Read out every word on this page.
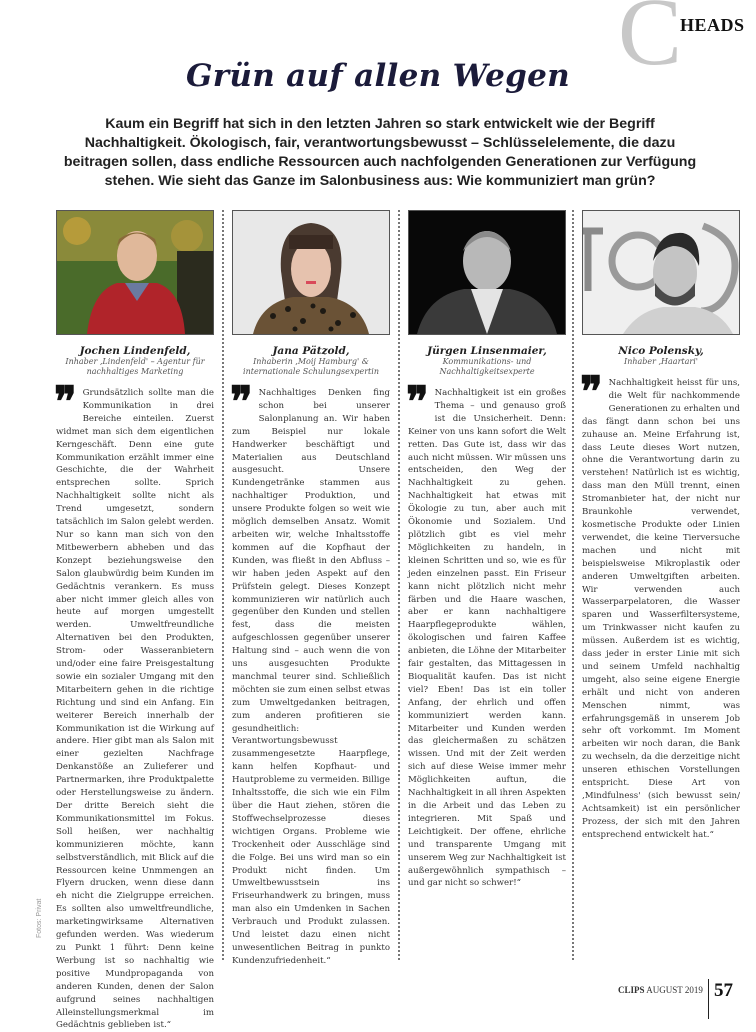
C
HEADS
Grün auf allen Wegen
Kaum ein Begriff hat sich in den letzten Jahren so stark entwickelt wie der Begriff Nachhaltigkeit. Ökologisch, fair, verantwortungsbewusst – Schlüsselelemente, die dazu beitragen sollen, dass endliche Ressourcen auch nachfolgenden Generationen zur Verfügung stehen. Wie sieht das Ganze im Salonbusiness aus: Wie kommuniziert man grün?
Jochen Lindenfeld,
Inhaber ‚Lindenfeld' – Agentur für nachhaltiges Marketing
❞ Grundsätzlich sollte man die Kommunikation in drei Bereiche einteilen. Zuerst widmet man sich dem eigentlichen Kerngeschäft. Denn eine gute Kommunikation erzählt immer eine Geschichte, die der Wahrheit entsprechen sollte. Sprich Nachhaltigkeit sollte nicht als Trend umgesetzt, sondern tatsächlich im Salon gelebt werden. Nur so kann man sich von den Mitbewerbern abheben und das Konzept beziehungsweise den Salon glaubwürdig beim Kunden im Gedächtnis verankern. Es muss aber nicht immer gleich alles von heute auf morgen umgestellt werden. Umweltfreundliche Alternativen bei den Produkten, Strom- oder Wasseranbietern und/oder eine faire Preisgestaltung sowie ein sozialer Umgang mit den Mitarbeitern gehen in die richtige Richtung und sind ein Anfang. Ein weiterer Bereich innerhalb der Kommunikation ist die Wirkung auf andere. Hier gibt man als Salon mit einer gezielten Nachfrage Denkanstöße an Zulieferer und Partnermarken, ihre Produktpalette oder Herstellungsweise zu ändern. Der dritte Bereich sieht die Kommunikationsmittel im Fokus. Soll heißen, wer nachhaltig kommunizieren möchte, kann selbstverständlich, mit Blick auf die Ressourcen keine Unmmengen an Flyern drucken, wenn diese dann eh nicht die Zielgruppe erreichen. Es sollten also umweltfreundliche, marketingwirksame Alternativen gefunden werden. Was wiederum zu Punkt 1 führt: Denn keine Werbung ist so nachhaltig wie positive Mundpropaganda von anderen Kunden, denen der Salon aufgrund seines nachhaltigen Alleinstellungsmerkmal im Gedächtnis geblieben ist.“
Jana Pätzold,
Inhaberin ‚Moij Hamburg' & internationale Schulungsexpertin
❞ Nachhaltiges Denken fing schon bei unserer Salonplanung an. Wir haben zum Beispiel nur lokale Handwerker beschäftigt und Materialien aus Deutschland ausgesucht. Unsere Kundengetränke stammen aus nachhaltiger Produktion, und unsere Produkte folgen so weit wie möglich demselben Ansatz. Womit arbeiten wir, welche Inhaltsstoffe kommen auf die Kopfhaut der Kunden, was fließt in den Abfluss – wir haben jeden Aspekt auf den Prüfstein gelegt. Dieses Konzept kommunizieren wir natürlich auch gegenüber den Kunden und stellen fest, dass die meisten aufgeschlossen gegenüber unserer Haltung sind – auch wenn die von uns ausgesuchten Produkte manchmal teurer sind. Schließlich möchten sie zum einen selbst etwas zum Umweltgedanken beitragen, zum anderen profitieren sie gesundheitlich: Verantwortungsbewusst zusammengesetzte Haarpflege, kann helfen Kopfhaut- und Hautprobleme zu vermeiden. Billige Inhaltsstoffe, die sich wie ein Film über die Haut ziehen, stören die Stoffwechselprozesse dieses wichtigen Organs. Probleme wie Trockenheit oder Ausschläge sind die Folge. Bei uns wird man so ein Produkt nicht finden. Um Umweltbewusstsein ins Friseurhandwerk zu bringen, muss man also ein Umdenken in Sachen Verbrauch und Produkt zulassen. Und leistet dazu einen nicht unwesentlichen Beitrag in punkto Kundenzufriedenheit.“
Jürgen Linsenmaier,
Kommunikations- und Nachhaltigkeitsexperte
❞ Nachhaltigkeit ist ein großes Thema – und genauso groß ist die Unsicherheit. Denn: Keiner von uns kann sofort die Welt retten. Das Gute ist, dass wir das auch nicht müssen. Wir müssen uns entscheiden, den Weg der Nachhaltigkeit zu gehen. Nachhaltigkeit hat etwas mit Ökologie zu tun, aber auch mit Ökonomie und Sozialem. Und plötzlich gibt es viel mehr Möglichkeiten zu handeln, in kleinen Schritten und so, wie es für jeden einzelnen passt. Ein Friseur kann nicht plötzlich nicht mehr färben und die Haare waschen, aber er kann nachhaltigere Haarpflegeprodukte wählen, ökologischen und fairen Kaffee anbieten, die Löhne der Mitarbeiter fair gestalten, das Mittagessen in Bioqualität kaufen. Das ist nicht viel? Eben! Das ist ein toller Anfang, der ehrlich und offen kommuniziert werden kann. Mitarbeiter und Kunden werden das gleichermaßen zu schätzen wissen. Und mit der Zeit werden sich auf diese Weise immer mehr Möglichkeiten auftun, die Nachhaltigkeit in all ihren Aspekten in die Arbeit und das Leben zu integrieren. Mit Spaß und Leichtigkeit. Der offene, ehrliche und transparente Umgang mit unserem Weg zur Nachhaltigkeit ist außergewöhnlich sympathisch – und gar nicht so schwer!“
Nico Polensky,
Inhaber ‚Haartari'
❞ Nachhaltigkeit heisst für uns, die Welt für nachkommende Generationen zu erhalten und das fängt dann schon bei uns zuhause an. Meine Erfahrung ist, dass Leute dieses Wort nutzen, ohne die Verantwortung darin zu verstehen! Natürlich ist es wichtig, dass man den Müll trennt, einen Stromanbieter hat, der nicht nur Braunkohle verwendet, kosmetische Produkte oder Linien verwendet, die keine Tierversuche machen und nicht mit beispielsweise Mikroplastik oder anderen Umweltgiften arbeiten. Wir verwenden auch Wasserparpelatoren, die Wasser sparen und Wasserfiltersysteme, um Trinkwasser nicht kaufen zu müssen. Außerdem ist es wichtig, dass jeder in erster Linie mit sich und seinem Umfeld nachhaltig umgeht, also seine eigene Energie erhält und nicht von anderen Menschen nimmt, was erfahrungsgemäß in unserem Job sehr oft vorkommt. Im Moment arbeiten wir noch daran, die Bank zu wechseln, da die derzeitige nicht unseren ethischen Vorstellungen entspricht. Diese Art von ‚Mindfulness' (sich bewusst sein/ Achtsamkeit) ist ein persönlicher Prozess, der sich mit den Jahren entsprechend entwickelt hat.“
Fotos: Privat
CLIPS AUGUST 2019 57
